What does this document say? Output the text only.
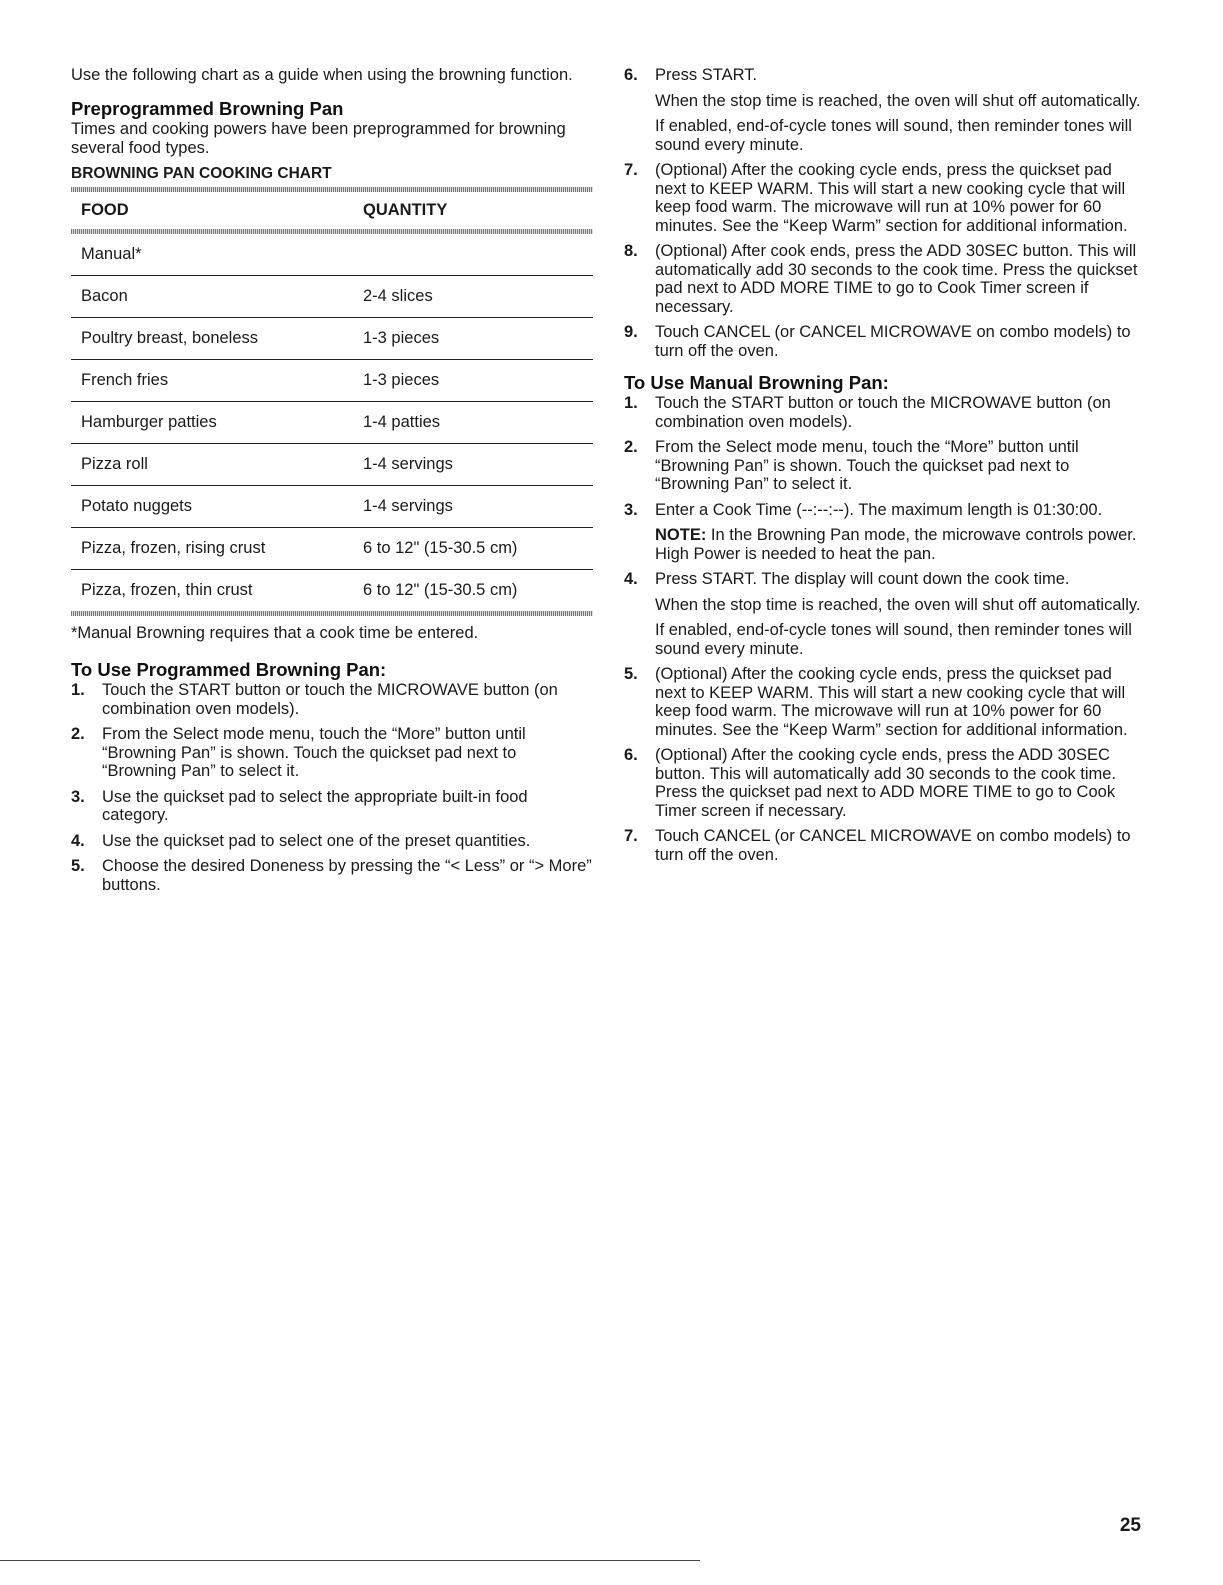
Use the following chart as a guide when using the browning function.

Preprogrammed Browning Pan

Times and cooking powers have been preprogrammed for browning several food types.

BROWNING PAN COOKING CHART

FOOD	QUANTITY

Manual*	
Bacon	2-4 slices
Poultry breast, boneless	1-3 pieces
French fries	1-3 pieces
Hamburger patties	1-4 patties
Pizza roll	1-4 servings
Potato nuggets	1-4 servings
Pizza, frozen, rising crust	6 to 12" (15-30.5 cm)
Pizza, frozen, thin crust	6 to 12" (15-30.5 cm)

*Manual Browning requires that a cook time be entered.

To Use Programmed Browning Pan:

1. Touch the START button or touch the MICROWAVE button (on combination oven models).
2. From the Select mode menu, touch the “More” button until “Browning Pan” is shown. Touch the quickset pad next to “Browning Pan” to select it.
3. Use the quickset pad to select the appropriate built-in food category.
4. Use the quickset pad to select one of the preset quantities.
5. Choose the desired Doneness by pressing the “< Less” or “> More” buttons.
6. Press START.
When the stop time is reached, the oven will shut off automatically.
If enabled, end-of-cycle tones will sound, then reminder tones will sound every minute.
7. (Optional) After the cooking cycle ends, press the quickset pad next to KEEP WARM. This will start a new cooking cycle that will keep food warm. The microwave will run at 10% power for 60 minutes. See the “Keep Warm” section for additional information.
8. (Optional) After cook ends, press the ADD 30SEC button. This will automatically add 30 seconds to the cook time. Press the quickset pad next to ADD MORE TIME to go to Cook Timer screen if necessary.
9. Touch CANCEL (or CANCEL MICROWAVE on combo models) to turn off the oven.

To Use Manual Browning Pan:

1. Touch the START button or touch the MICROWAVE button (on combination oven models).
2. From the Select mode menu, touch the “More” button until “Browning Pan” is shown. Touch the quickset pad next to “Browning Pan” to select it.
3. Enter a Cook Time (--:--:--). The maximum length is 01:30:00.
NOTE: In the Browning Pan mode, the microwave controls power. High Power is needed to heat the pan.
4. Press START. The display will count down the cook time.
When the stop time is reached, the oven will shut off automatically.
If enabled, end-of-cycle tones will sound, then reminder tones will sound every minute.
5. (Optional) After the cooking cycle ends, press the quickset pad next to KEEP WARM. This will start a new cooking cycle that will keep food warm. The microwave will run at 10% power for 60 minutes. See the “Keep Warm” section for additional information.
6. (Optional) After the cooking cycle ends, press the ADD 30SEC button. This will automatically add 30 seconds to the cook time. Press the quickset pad next to ADD MORE TIME to go to Cook Timer screen if necessary.
7. Touch CANCEL (or CANCEL MICROWAVE on combo models) to turn off the oven.
25
